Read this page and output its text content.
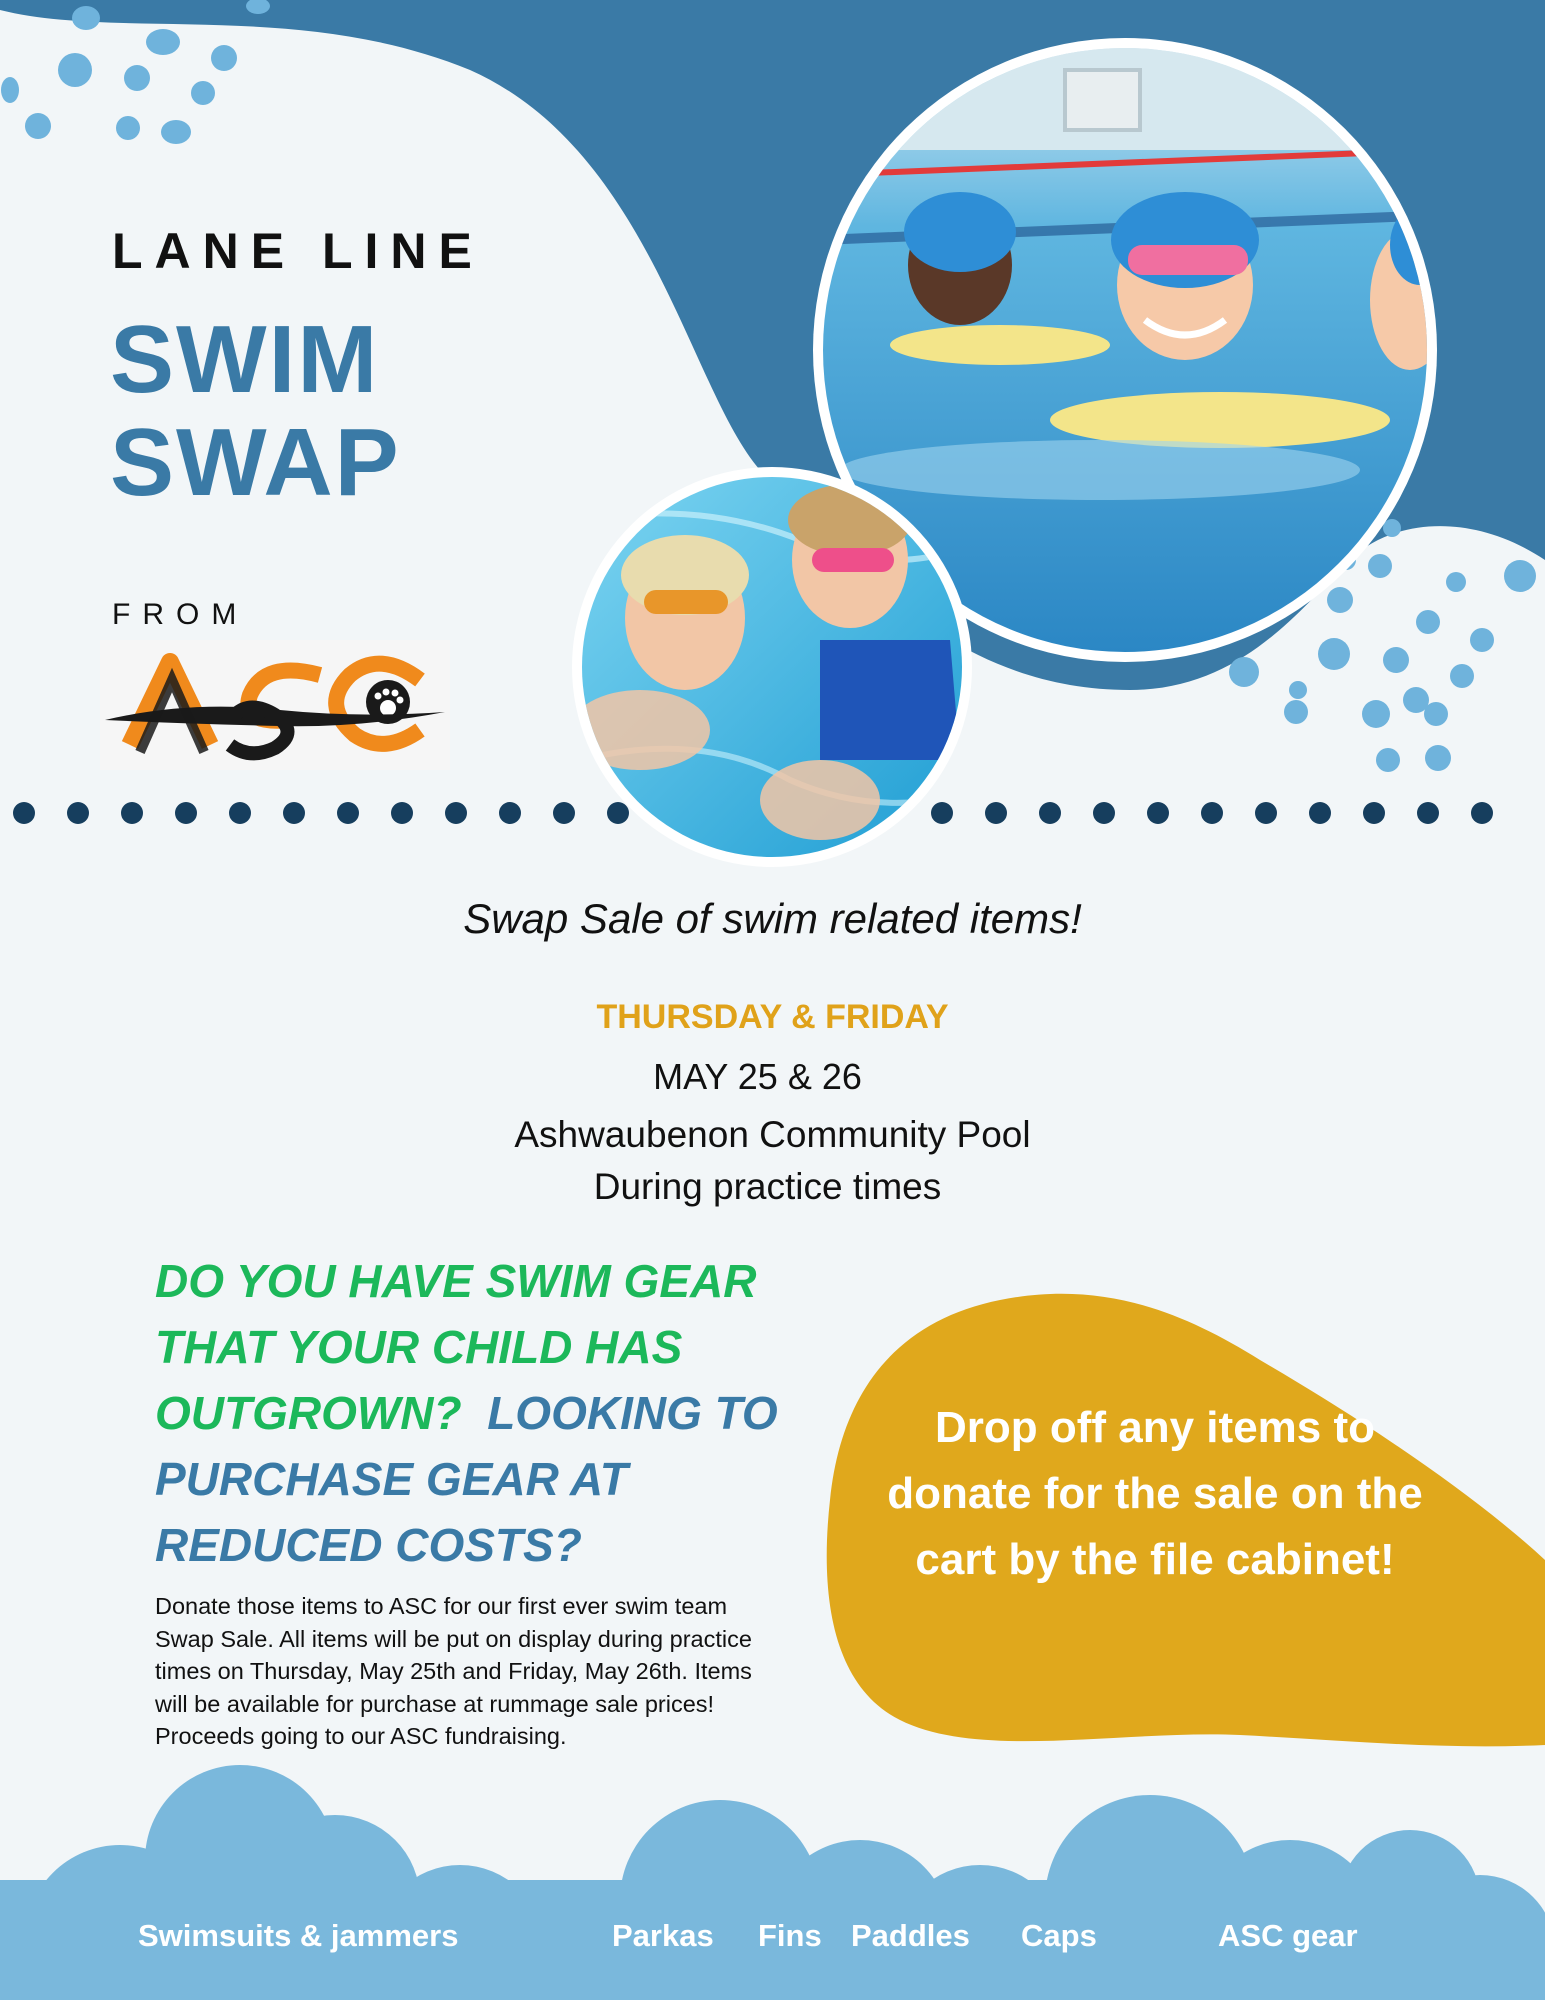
LANE LINE

SWIM

SWAP

FROM

Swap Sale of swim related items!

THURSDAY & FRIDAY

MAY 25 & 26

Ashwaubenon Community Pool

During practice times

DO YOU HAVE SWIM GEAR

THAT YOUR CHILD HAS

OUTGROWN? LOOKING TO

PURCHASE GEAR AT

REDUCED COSTS?

Donate those items to ASC for our first ever swim team Swap Sale. All items will be put on display during practice times on Thursday, May 25th and Friday, May 26th. Items will be available for purchase at rummage sale prices! Proceeds going to our ASC fundraising.

Drop off any items to donate for the sale on the cart by the file cabinet!

Swimsuits & jammers	Parkas Fins Paddles Caps	ASC gear
